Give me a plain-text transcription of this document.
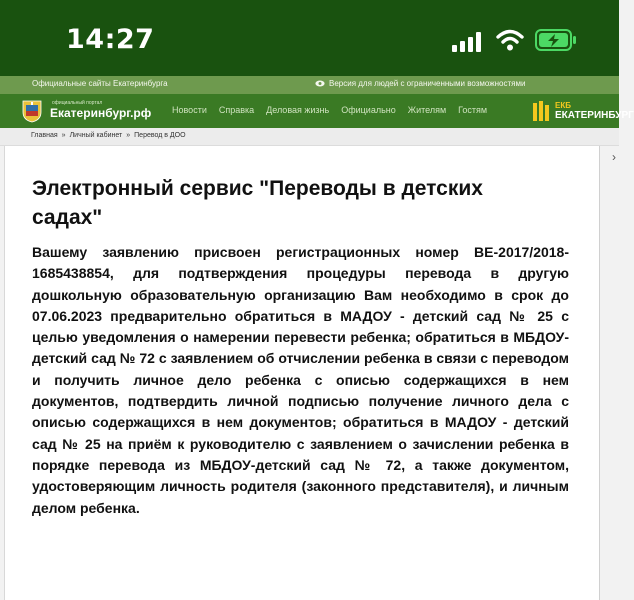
14:27
Официальные сайты Екатеринбурга	Версия для людей с ограниченными возможностями
официальный портал
Екатеринбург.рф Новости Справка Деловая жизнь Официально Жителям Гостям	ЕКБ
ЕКАТЕРИНБУРГ
Главная » Личный кабинет » Перевод в ДОО
Электронный сервис "Переводы в детских садах"

Вашему заявлению присвоен регистрационных номер ВЕ-2017/2018-1685438854, для подтверждения процедуры перевода в другую дошкольную образовательную организацию Вам необходимо в срок до 07.06.2023 предварительно обратиться в МАДОУ - детский сад № 25 с целью уведомления о намерении перевести ребенка; обратиться в МБДОУ-детский сад № 72 с заявлением об отчислении ребенка в связи с переводом и получить личное дело ребенка с описью содержащихся в нем документов, подтвердить личной подписью получение личного дела с описью содержащихся в нем документов; обратиться в МАДОУ - детский сад № 25 на приём к руководителю с заявлением о зачислении ребенка в порядке перевода из МБДОУ-детский сад № 72, а также документом, удостоверяющим личность родителя (законного представителя), и личным делом ребенка.

›
